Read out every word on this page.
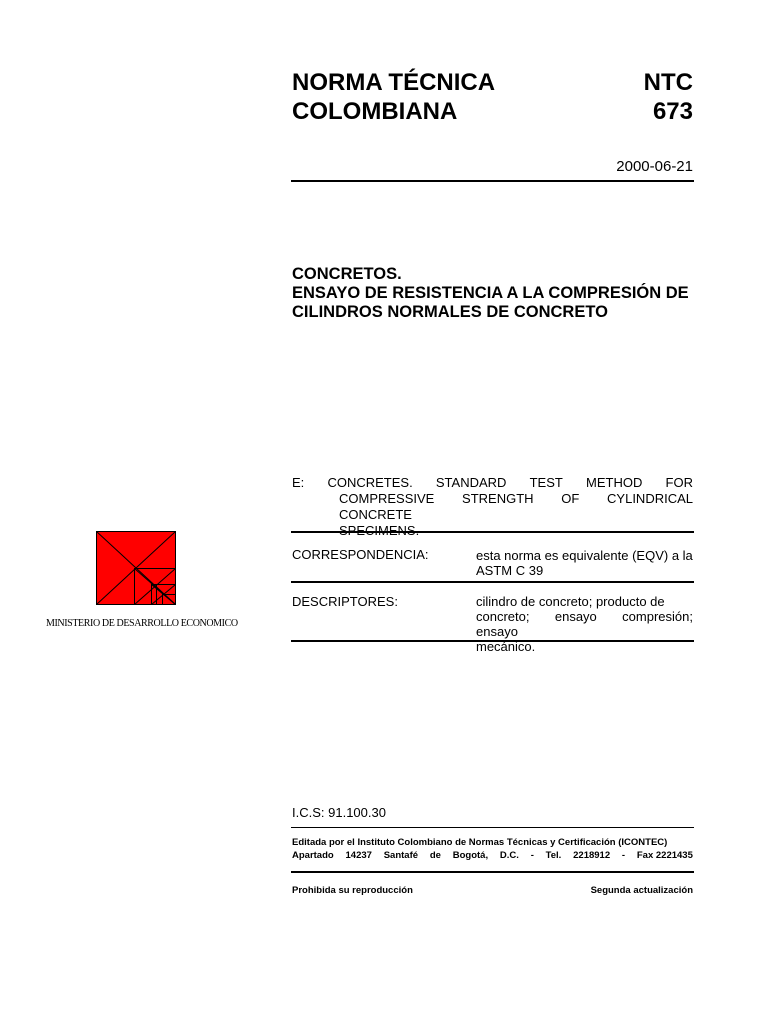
NORMA TÉCNICA
COLOMBIANA
NTC
673
2000-06-21
CONCRETOS.
ENSAYO DE RESISTENCIA A LA COMPRESIÓN DE
CILINDROS NORMALES DE CONCRETO
E: CONCRETES. STANDARD TEST METHOD FOR
COMPRESSIVE STRENGTH OF CYLINDRICAL CONCRETE
SPECIMENS.
CORRESPONDENCIA:	esta norma es equivalente (EQV) a la
ASTM C 39
DESCRIPTORES:	cilindro de concreto; producto de
concreto; ensayo compresión; ensayo
mecánico.
I.C.S: 91.100.30
Editada por el Instituto Colombiano de Normas Técnicas y Certificación (ICONTEC)
Apartado 14237 Santafé de Bogotá, D.C. - Tel. 2218912 - Fax 2221435
Prohibida su reproducción	Segunda actualización
MINISTERIO DE DESARROLLO ECONOMICO
